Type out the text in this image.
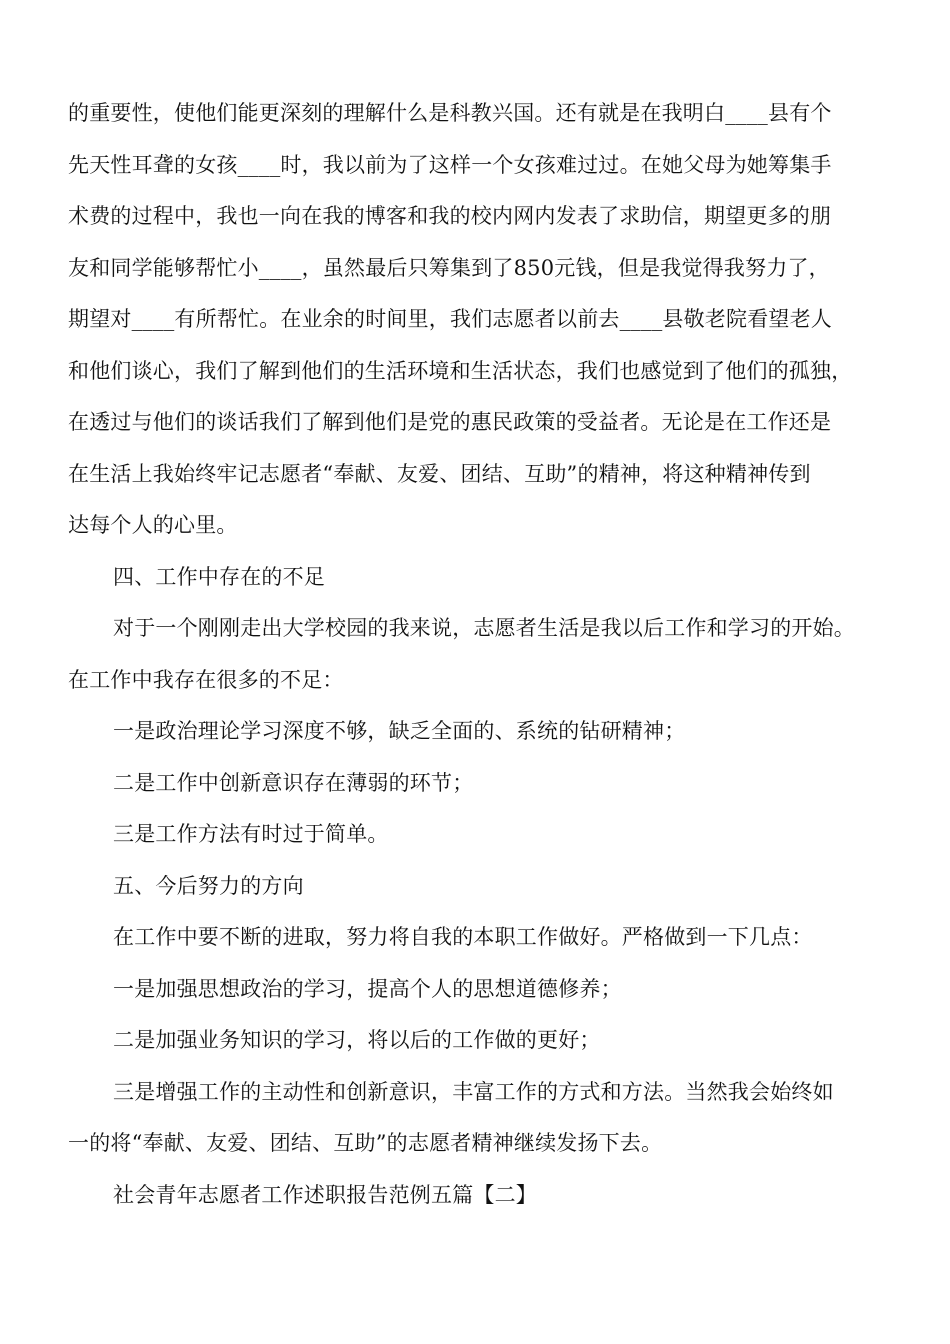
的重要性，使他们能更深刻的理解什么是科教兴国。还有就是在我明白____县有个
先天性耳聋的女孩____时，我以前为了这样一个女孩难过过。在她父母为她筹集手
术费的过程中，我也一向在我的博客和我的校内网内发表了求助信，期望更多的朋
友和同学能够帮忙小____，虽然最后只筹集到了850元钱，但是我觉得我努力了，
期望对____有所帮忙。在业余的时间里，我们志愿者以前去____县敬老院看望老人
和他们谈心，我们了解到他们的生活环境和生活状态，我们也感觉到了他们的孤独，
在透过与他们的谈话我们了解到他们是党的惠民政策的受益者。无论是在工作还是
在生活上我始终牢记志愿者“奉献、友爱、团结、互助”的精神，将这种精神传到
达每个人的心里。
四、工作中存在的不足
对于一个刚刚走出大学校园的我来说，志愿者生活是我以后工作和学习的开始。
在工作中我存在很多的不足：
一是政治理论学习深度不够，缺乏全面的、系统的钻研精神；
二是工作中创新意识存在薄弱的环节；
三是工作方法有时过于简单。
五、今后努力的方向
在工作中要不断的进取，努力将自我的本职工作做好。严格做到一下几点：
一是加强思想政治的学习，提高个人的思想道德修养；
二是加强业务知识的学习，将以后的工作做的更好；
三是增强工作的主动性和创新意识，丰富工作的方式和方法。当然我会始终如
一的将“奉献、友爱、团结、互助”的志愿者精神继续发扬下去。
社会青年志愿者工作述职报告范例五篇【二】
